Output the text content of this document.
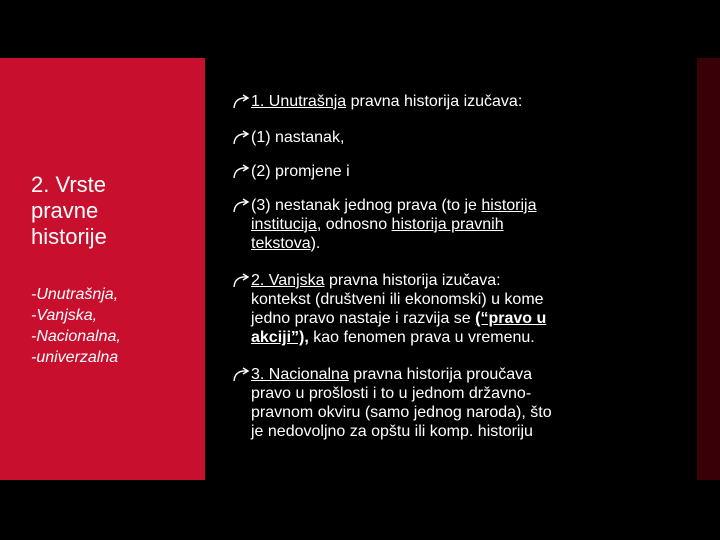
2. Vrste
pravne
historije
-Unutrašnja,
-Vanjska,
-Nacionalna,
-univerzalna

1. Unutrašnja pravna historija izučava:

(1) nastanak,

(2) promjene i

(3) nestanak jednog prava (to je historija
institucija, odnosno historija pravnih
tekstova).

2. Vanjska pravna historija izučava:
kontekst (društveni ili ekonomski) u kome
jedno pravo nastaje i razvija se (“pravo u
akciji”), kao fenomen prava u vremenu.

3. Nacionalna pravna historija proučava
pravo u prošlosti i to u jednom državno-
pravnom okviru (samo jednog naroda), što
je nedovoljno za opštu ili komp. historiju
